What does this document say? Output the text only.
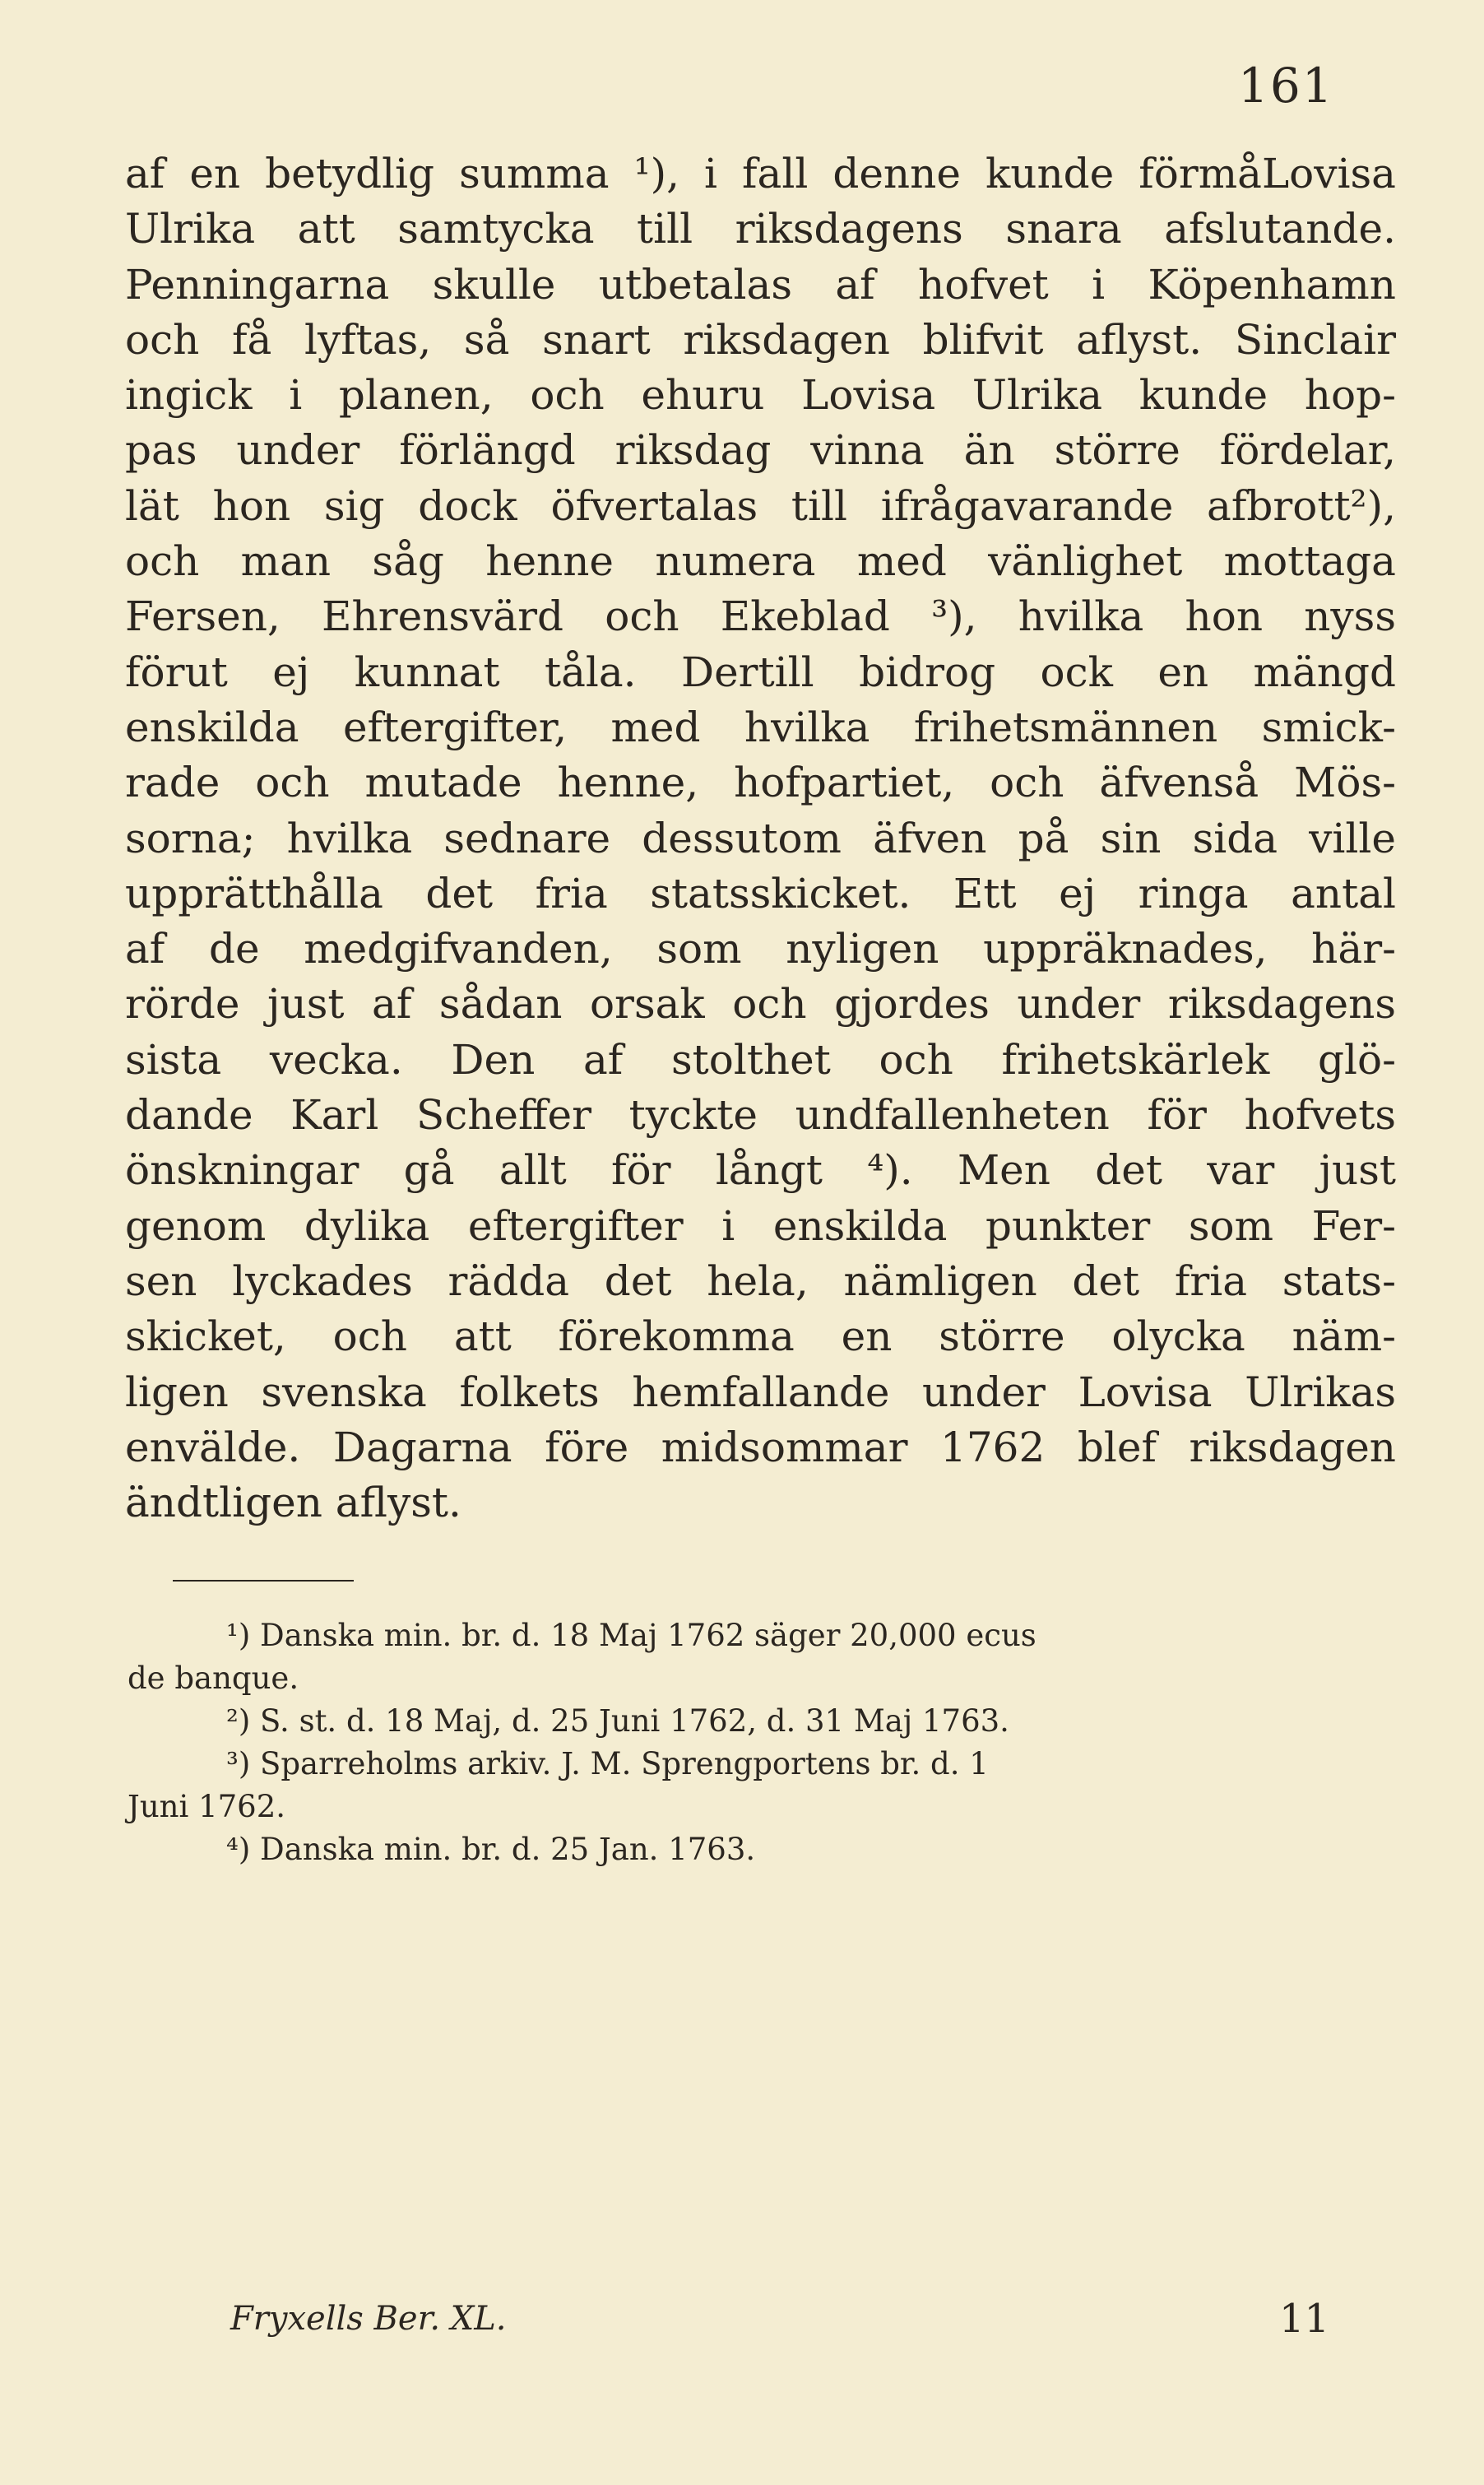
161
af en betydlig summa ¹), i fall denne kunde förmåLovisa
Ulrika att samtycka till riksdagens snara afslutande.
Penningarna skulle utbetalas af hofvet i Köpenhamn
och få lyftas, så snart riksdagen blifvit aflyst. Sinclair
ingick i planen, och ehuru Lovisa Ulrika kunde hop-
pas under förlängd riksdag vinna än större fördelar,
lät hon sig dock öfvertalas till ifrågavarande afbrott²),
och man såg henne numera med vänlighet mottaga
Fersen, Ehrensvärd och Ekeblad ³), hvilka hon nyss
förut ej kunnat tåla. Dertill bidrog ock en mängd
enskilda eftergifter, med hvilka frihetsmännen smick-
rade och mutade henne, hofpartiet, och äfvenså Mös-
sorna; hvilka sednare dessutom äfven på sin sida ville
upprätthålla det fria statsskicket. Ett ej ringa antal
af de medgifvanden, som nyligen uppräknades, här-
rörde just af sådan orsak och gjordes under riksdagens
sista vecka. Den af stolthet och frihetskärlek glö-
dande Karl Scheffer tyckte undfallenheten för hofvets
önskningar gå allt för långt ⁴). Men det var just
genom dylika eftergifter i enskilda punkter som Fer-
sen lyckades rädda det hela, nämligen det fria stats-
skicket, och att förekomma en större olycka näm-
ligen svenska folkets hemfallande under Lovisa Ulrikas
envälde. Dagarna före midsommar 1762 blef riksdagen
ändtligen aflyst.
¹) Danska min. br. d. 18 Maj 1762 säger 20,000 ecus
de banque.
²) S. st. d. 18 Maj, d. 25 Juni 1762, d. 31 Maj 1763.
³) Sparreholms arkiv. J. M. Sprengportens br. d. 1
Juni 1762.
⁴) Danska min. br. d. 25 Jan. 1763.
Fryxells Ber. XL.	11
